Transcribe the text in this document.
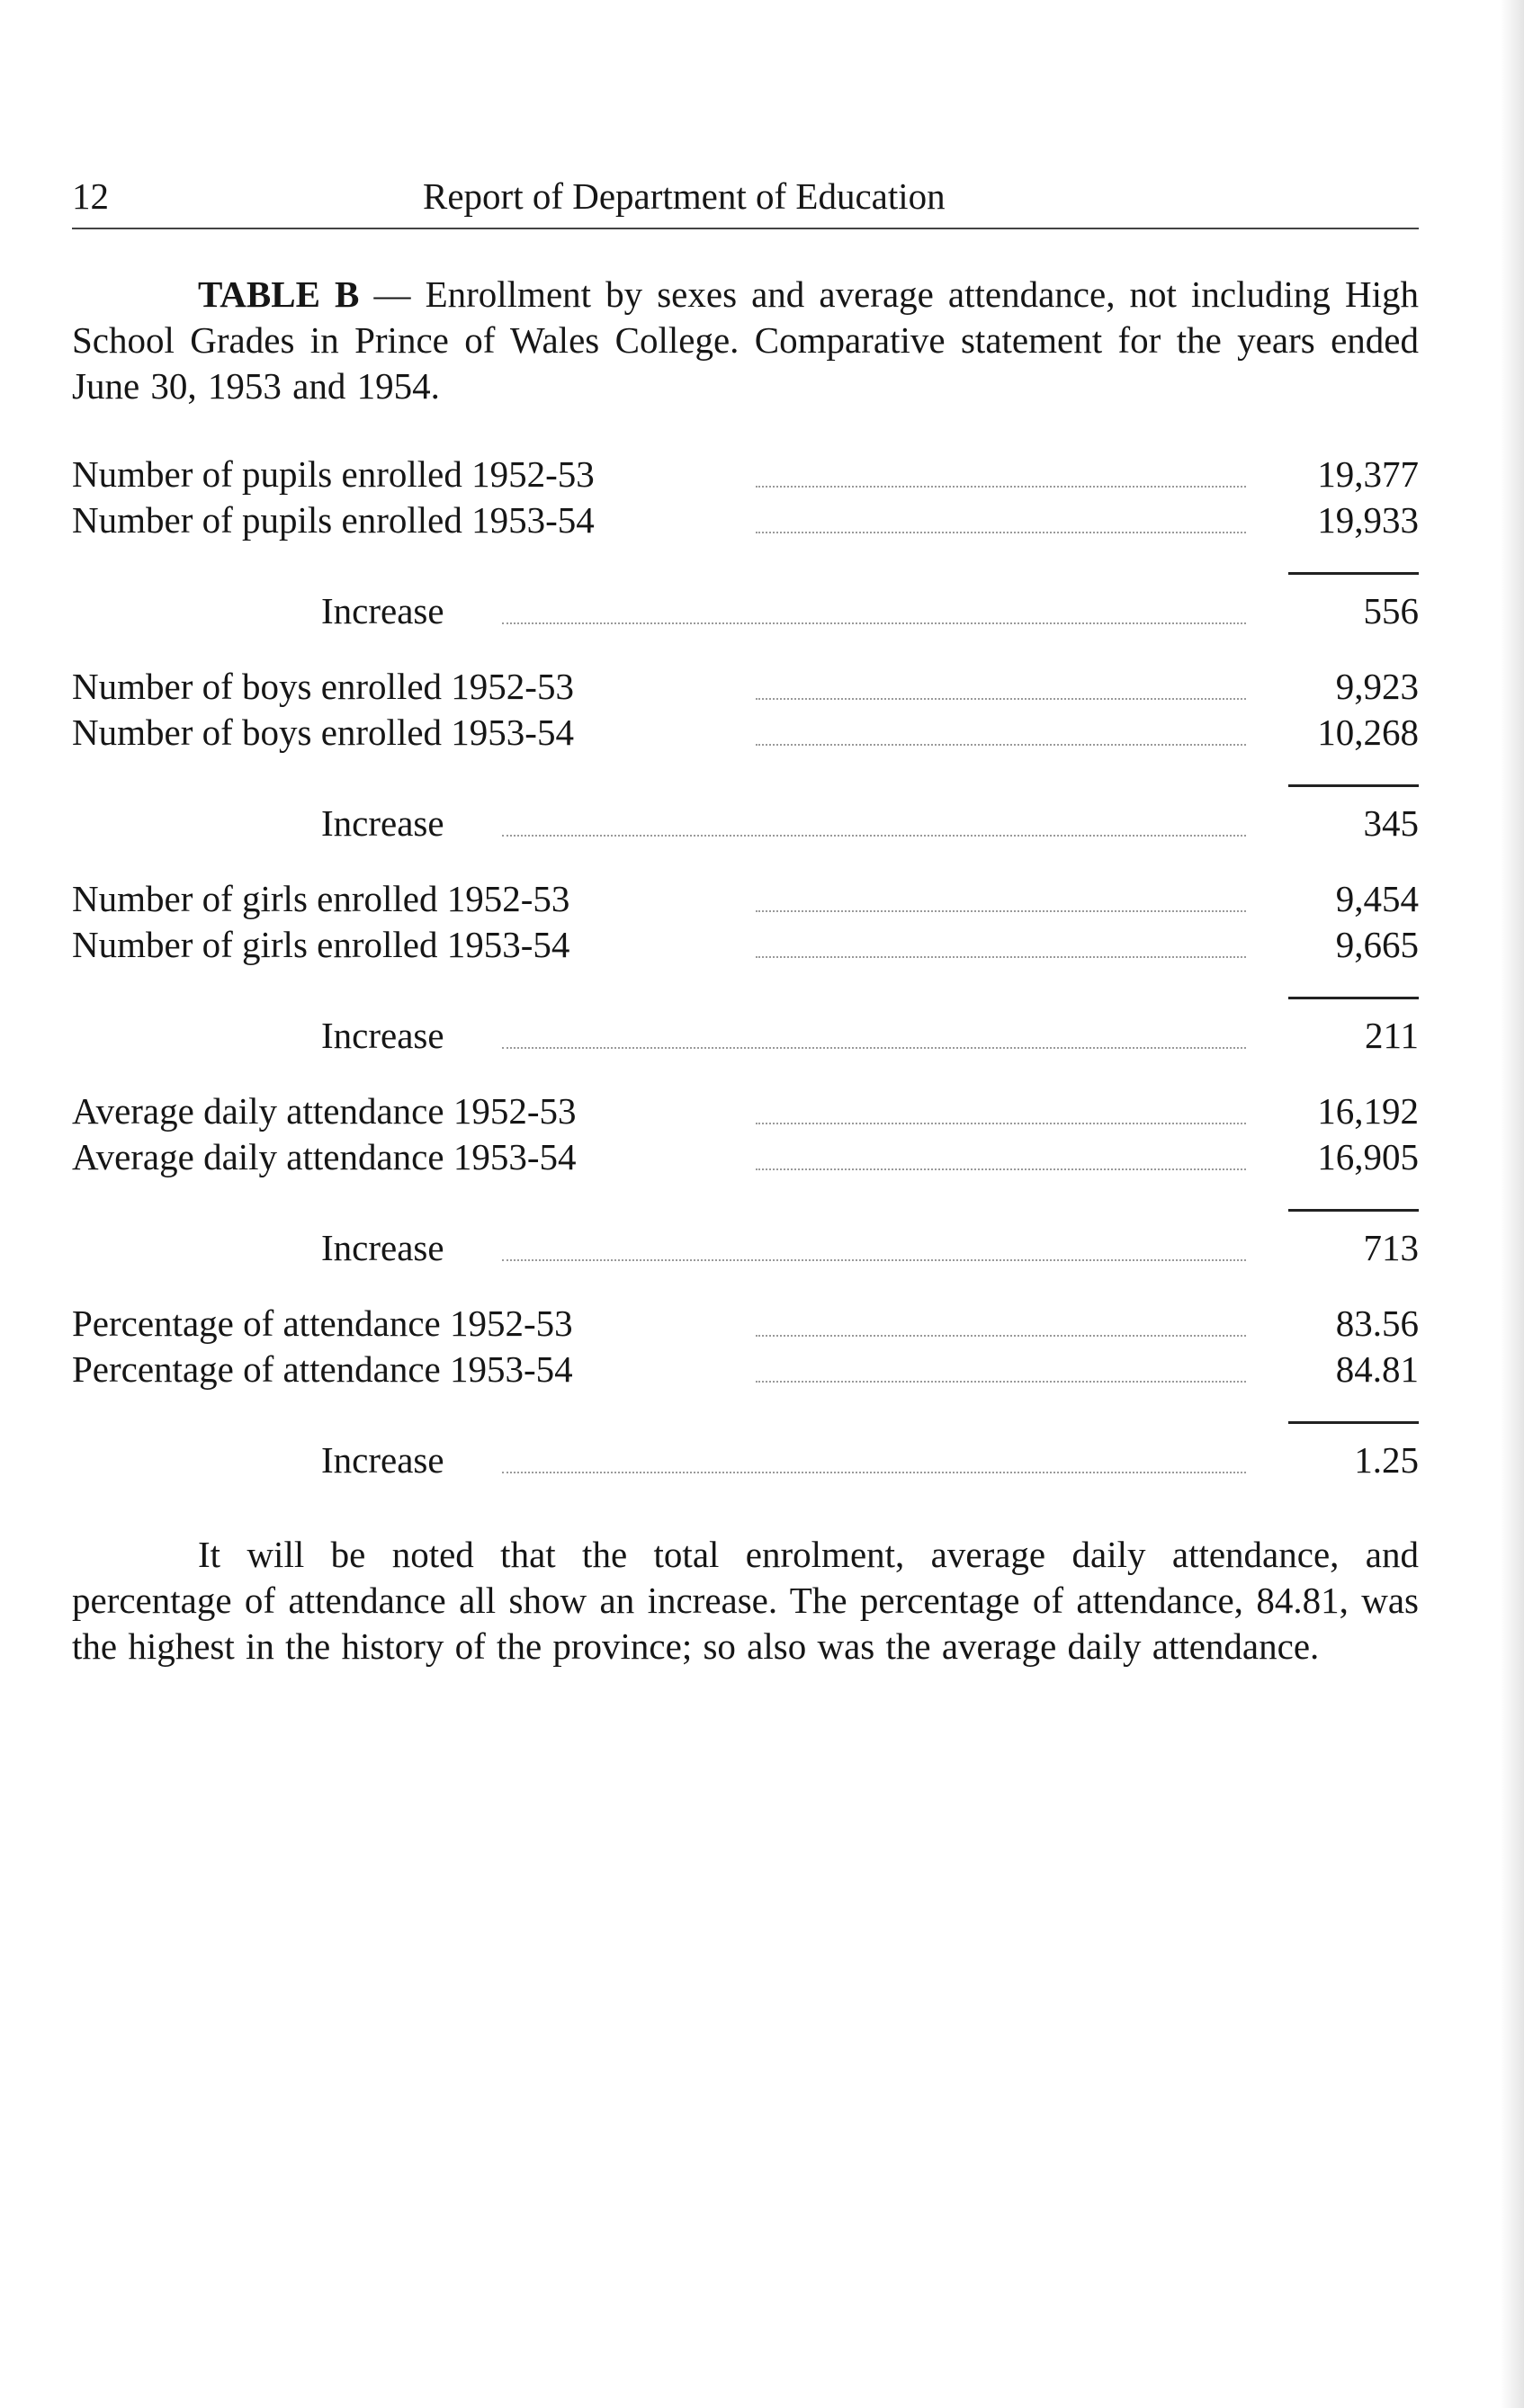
12	Report of Department of Education
TABLE B — Enrollment by sexes and average attendance, not including High School Grades in Prince of Wales College. Comparative statement for the years ended June 30, 1953 and 1954.
Number of pupils enrolled 1952-53	19,377
Number of pupils enrolled 1953-54	19,933
Increase	556
Number of boys enrolled 1952-53	9,923
Number of boys enrolled 1953-54	10,268
Increase	345
Number of girls enrolled 1952-53	9,454
Number of girls enrolled 1953-54	9,665
Increase	211
Average daily attendance 1952-53	16,192
Average daily attendance 1953-54	16,905
Increase	713
Percentage of attendance 1952-53	83.56
Percentage of attendance 1953-54	84.81
Increase	1.25
It will be noted that the total enrolment, average daily attendance, and percentage of attendance all show an increase. The percentage of attendance, 84.81, was the highest in the history of the province; so also was the average daily attendance.
